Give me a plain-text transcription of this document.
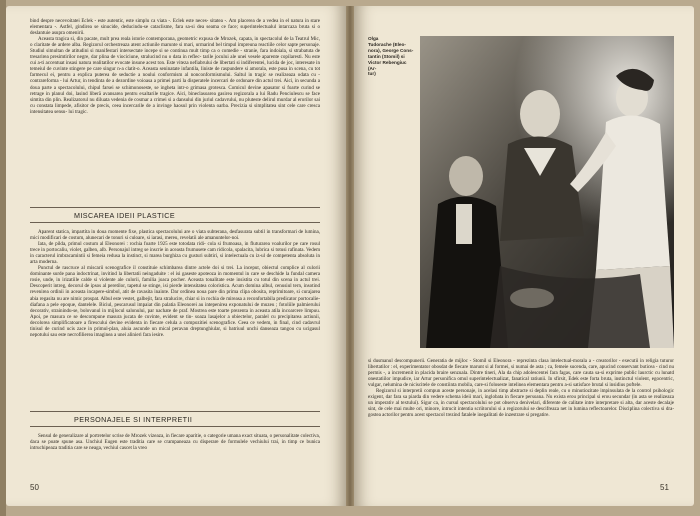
bind despre necevoitatei Eclek - este autentic, este simplu ca viata -. Eclek este neces- sitatea -. Am placerea de a vedea in el natura in stare elementara -. Astfel, gindirea se sinucide, deducindu-se cataclisme, fara sa-si dea seama ce face; superintelectualul intarcaza bruta si o deslantuie asupra omenirii.

Aceasta tragica si, din pacate, mult prea reala istorie contemporana, geometric expusa de Mrozek, capata, in spectacolul de la Teatrul Mic, o claritate de ardere alba. Regizorul orchestreaza atent actiunile marunte si mari, urmarind bel timpul impreuna reactiile celor sapte personaje. Studiul simultan de atitudini si manifestari intersectate incepe si se continua mult timp ca o comedie - stranie, fara indoiala, si strabatuta de tresarirea presimtirilor negre, dar plina de viociciune, stralucind nu o data in reflec- tarile jocului ale unei vesele aparente copilaresti. Nu este cui a-ti accentuat insasi natura realitatilor evocate insune acest ton. Este viteza nefiabrului de libertati si indiferentei, lucida de joc, interesate in temeiul de cuvinte stingere pe care singur n-a clatit-o. Aceasta seninatate infantila, liniste de raspundere si amorala, este pusa in scena, cu tot farmecul ei, pentru a explica puterea de seductie a noului conformism al nonconformismului. Saltul in tragic se realizeaza odata cu - contrareforma - lui Artur, in tendinta de a dezordine voioasa a primei parti la disperatele incercari de ordonare din actul trei. Aici, in secunda a doua parte a spectacolului, chipul farsei se schimonoseste, se ingheta intr-o grimasa grotesca. Comicul devine apasator si foarte curind se retrage in planul doi, lasind liberă avansarea pentru exaltarile tragice. Aici, bineclasoarea gasirea regizorala a lui Radu Penciulescu se face simtita din plin. Realizatorul nu diluata vedenia de cosmar a crimei si a dansului din juriul cadavrului, nu pluteste delirul murdar al erorilor sai cu constata limpede, afisitor de precis, ceea incercarile de a invinge haosul prin violenta oarba. Precizia si simplitatea sint cele care cresca intensitatea sensu- lui tragic.

MISCAREA IDEII PLASTICE

Aparent statica, impartita in doua momente fixe, plastica spectacolului are o viata subterana, desfasurata subtil in transformari de lumina, mici modificari de costum, alunecari de tonuri si culoare, si iarasi, mereu, revelatii ale amanuntelor-noi.

Iata, de pilda, primul costum al Eleonorei : rochia foarte 1925 este totodata ridi- cola si frumoasa, in fluturarea voalurilor pe care rosul trece in portocaliu, violet, galben, alb. Personajul intreg se inscrie in aceasta frumusete cam ridicola, spalacita, lubrica si totusi rafinata. Vedem in caracterul imbracamintii si femeia redusa la instinct, si marea burghiza cu gusturi subtiri, si intelectuala cu iz-ul de competenta absoluta in arta moderna.

Punctul de rascruce al miscarii scenografice il constituie schimbarea dintre actele doi si trei. La inceput, obiectul complice al culorii dominante surde pana indoctrinat, invitind la libertatii neingaduite : el isi gaseste apoteoza in momentul in care se deschide la fundal camera rosie, unde, in irizatiile calde si violente ale culorii, familia joaca pocher. Aceasta tonalitate este insistita cu totul din scena in actul trei. Descoperit intreg, decorul de ipsos al peretilor, tapetul se stinge, isi pierde intensitatea coloristica. Acum domina albul, cenusiul tern, insotind revenirea ordinii in aceasta incapere-simbol, atit de ravasita inainte. Dar ordinea noua pare din prima clipa obosita, reprimitoare, si curajarea abia regasita nu are nimic prospat. Albul este vestet, galbejit, fara stralucire, chiar si in rochia de mireasa a reconfortabila predicator portocalie-diafana a pele epoque, dantelele. Biciul, pescarusul impaiat din palatia Eleonorei au intepenirea exponatului de muzeu ; fotoliile palmierului decorativ, strainindu-se, bolovanul in mijlocul salonului, par nachate de praf. Mostrea este toarte prezenta in aceasta atila incoarcere limpuu. Apoi, pe masura ce se descompune masura jucata de cuvinte, evident se tin- soaza lasajelor a obiectelor, paralel cu precipitarea actiunii, decolorea simplificatoare a firescului devine evidenta in fiecare celula a compozitiei scenografice. Ceea ce vedem, in final, cind cadavrul tinisul de curind ucis zace in primul-plan, aluia ascunde un mical peravan dreptunghiular, si batriuul unchi danseaza tangou cu ucigasul nepotului sau este necrofilierea imaginea a unei alinieri fara iesire.

PERSONAJELE SI INTERPRETII

Sensul de generalizare al portretelor scrise de Mrozek vizeaza, in fiecare aparitie, o categorie umana exact situata, o personalitate colectiva, daca se poate spune asa. Unchiul Eugen este traditia care se crampaneaza cu disperare de formulele vechiului trai, in timp ce bunica intruchipeaza traditia care se neaga, vechiul cascet la vreo

50
Olga
Tudorache (Eleo-
nora), George Cons-
tantin (Stomil) si
Victor Rebengiuc (Ar-
tur)

si dusmanul descompunerii. Generatia de mijloc - Stomil si Eleonora - reprezinta clasa intelectual-morala a - creatorilor - executii in religia tuturor libertatilor : el, experimentator obosdat de fiecare marunt si al formei, si numai de asta ; ca, femeie sucenda, care, apucind conservant buticea - cind nu permis -, a incremenit in placida braire senzuala. Dintre tineri, Ala da chip adolescentei fara fagas, care cauta sa-si exprime public laurctic cu lunatd onestatiilor impudice, iar Artur personifica omul superintelectualizat, fanatical ratiunii. In sfirsit, Edek este forta bruta, instinctul violent, egocentric, vulgar, nelumina de niciscitele de constiinta mobila, care-si foloseste intelinea elementara pentru a-si satisface brutal si insidius poftele.

Regizorul si interpretii compun aceste personaje, in acelasi timp abstracte si deplin reale, cu o minutiozitate impinsulata de la control psihologic exigent, dar fara sa piarda din vedere schema ideii mari, inglobata in fiecare persoana. Nu exista erou principal si erou secundar (in asta se realizeaza un imperativ al textului). Sigur ca, in cursul spectacolului se pot observa denivelari, diferente de calitate intre interpretare si alta, dar aceste decalaje sint, de cele mai multe ori, minore, intrucit intentia scriitorului si a regizorului se descifreaza net in lumina reflectoarelor. Disciplina colectiva si dra- gostea actorilor pentru acest spectacol trezind fatalele inegalitati de inzestrare si pregatire.

51
